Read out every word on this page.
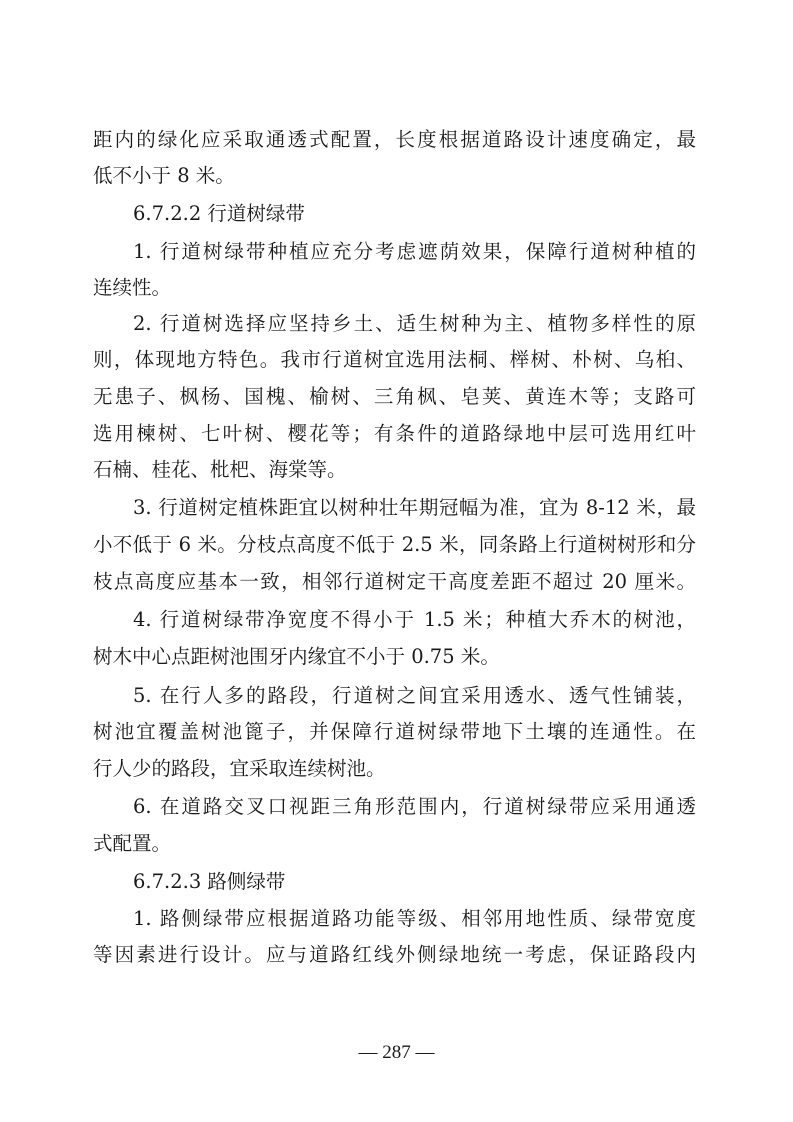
距内的绿化应采取通透式配置，长度根据道路设计速度确定，最

低不小于 8 米。

6.7.2.2 行道树绿带

1. 行道树绿带种植应充分考虑遮荫效果，保障行道树种植的

连续性。

2. 行道树选择应坚持乡土、适生树种为主、植物多样性的原

则，体现地方特色。我市行道树宜选用法桐、榉树、朴树、乌桕、

无患子、枫杨、国槐、榆树、三角枫、皂荚、黄连木等；支路可

选用楝树、七叶树、樱花等；有条件的道路绿地中层可选用红叶

石楠、桂花、枇杷、海棠等。

3. 行道树定植株距宜以树种壮年期冠幅为准，宜为 8-12 米，最

小不低于 6 米。分枝点高度不低于 2.5 米，同条路上行道树树形和分

枝点高度应基本一致，相邻行道树定干高度差距不超过 20 厘米。

4. 行道树绿带净宽度不得小于 1.5 米；种植大乔木的树池，

树木中心点距树池围牙内缘宜不小于 0.75 米。

5. 在行人多的路段，行道树之间宜采用透水、透气性铺装，

树池宜覆盖树池篦子，并保障行道树绿带地下土壤的连通性。在

行人少的路段，宜采取连续树池。

6. 在道路交叉口视距三角形范围内，行道树绿带应采用通透

式配置。

6.7.2.3 路侧绿带

1. 路侧绿带应根据道路功能等级、相邻用地性质、绿带宽度

等因素进行设计。应与道路红线外侧绿地统一考虑，保证路段内

— 287 —
